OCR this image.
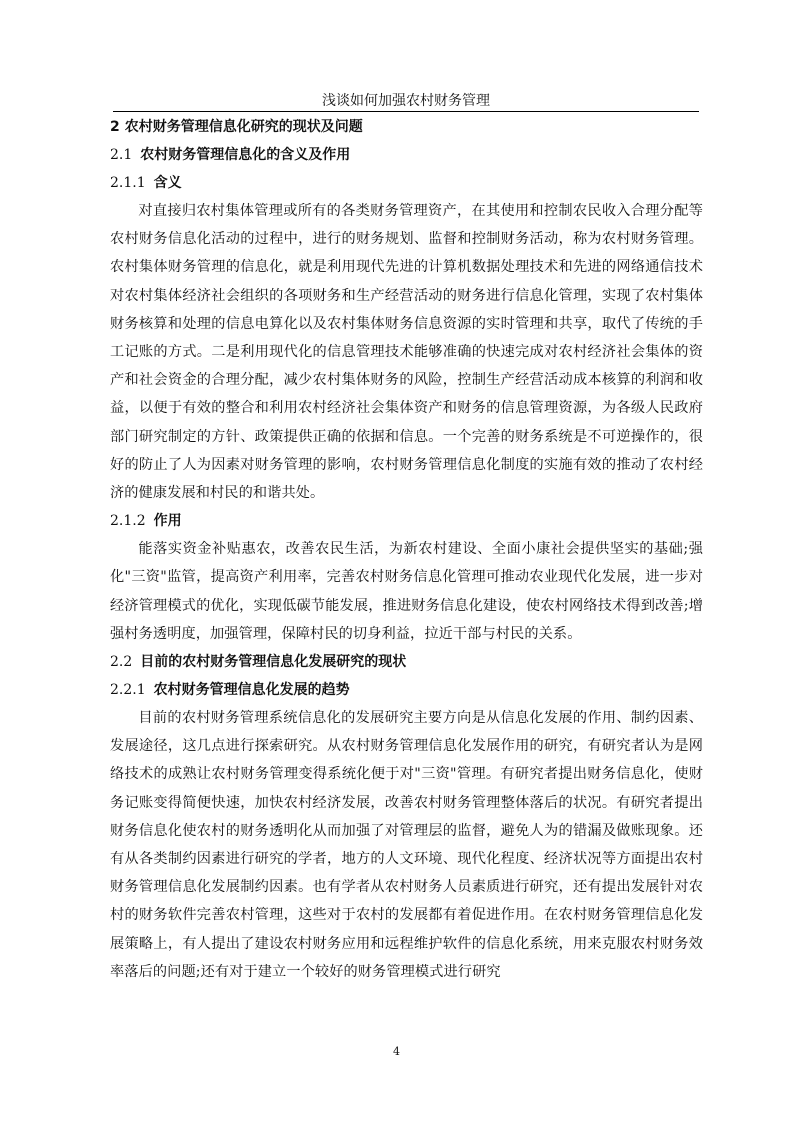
浅谈如何加强农村财务管理
2 农村财务管理信息化研究的现状及问题
2.1 农村财务管理信息化的含义及作用
2.1.1 含义

对直接归农村集体管理或所有的各类财务管理资产，在其使用和控制农民收入合理分配等农村财务信息化活动的过程中，进行的财务规划、监督和控制财务活动，称为农村财务管理。农村集体财务管理的信息化，就是利用现代先进的计算机数据处理技术和先进的网络通信技术对农村集体经济社会组织的各项财务和生产经营活动的财务进行信息化管理，实现了农村集体财务核算和处理的信息电算化以及农村集体财务信息资源的实时管理和共享，取代了传统的手工记账的方式。二是利用现代化的信息管理技术能够准确的快速完成对农村经济社会集体的资产和社会资金的合理分配，减少农村集体财务的风险，控制生产经营活动成本核算的利润和收益，以便于有效的整合和利用农村经济社会集体资产和财务的信息管理资源，为各级人民政府部门研究制定的方针、政策提供正确的依据和信息。一个完善的财务系统是不可逆操作的，很好的防止了人为因素对财务管理的影响，农村财务管理信息化制度的实施有效的推动了农村经济的健康发展和村民的和谐共处。

2.1.2 作用

能落实资金补贴惠农，改善农民生活，为新农村建设、全面小康社会提供坚实的基础;强化"三资"监管，提高资产利用率，完善农村财务信息化管理可推动农业现代化发展，进一步对经济管理模式的优化，实现低碳节能发展，推进财务信息化建设，使农村网络技术得到改善;增强村务透明度，加强管理，保障村民的切身利益，拉近干部与村民的关系。

2.2 目前的农村财务管理信息化发展研究的现状
2.2.1 农村财务管理信息化发展的趋势

目前的农村财务管理系统信息化的发展研究主要方向是从信息化发展的作用、制约因素、发展途径，这几点进行探索研究。从农村财务管理信息化发展作用的研究，有研究者认为是网络技术的成熟让农村财务管理变得系统化便于对"三资"管理。有研究者提出财务信息化，使财务记账变得简便快速，加快农村经济发展，改善农村财务管理整体落后的状况。有研究者提出财务信息化使农村的财务透明化从而加强了对管理层的监督，避免人为的错漏及做账现象。还有从各类制约因素进行研究的学者，地方的人文环境、现代化程度、经济状况等方面提出农村财务管理信息化发展制约因素。也有学者从农村财务人员素质进行研究，还有提出发展针对农村的财务软件完善农村管理，这些对于农村的发展都有着促进作用。在农村财务管理信息化发展策略上，有人提出了建设农村财务应用和远程维护软件的信息化系统，用来克服农村财务效率落后的问题;还有对于建立一个较好的财务管理模式进行研究

4
